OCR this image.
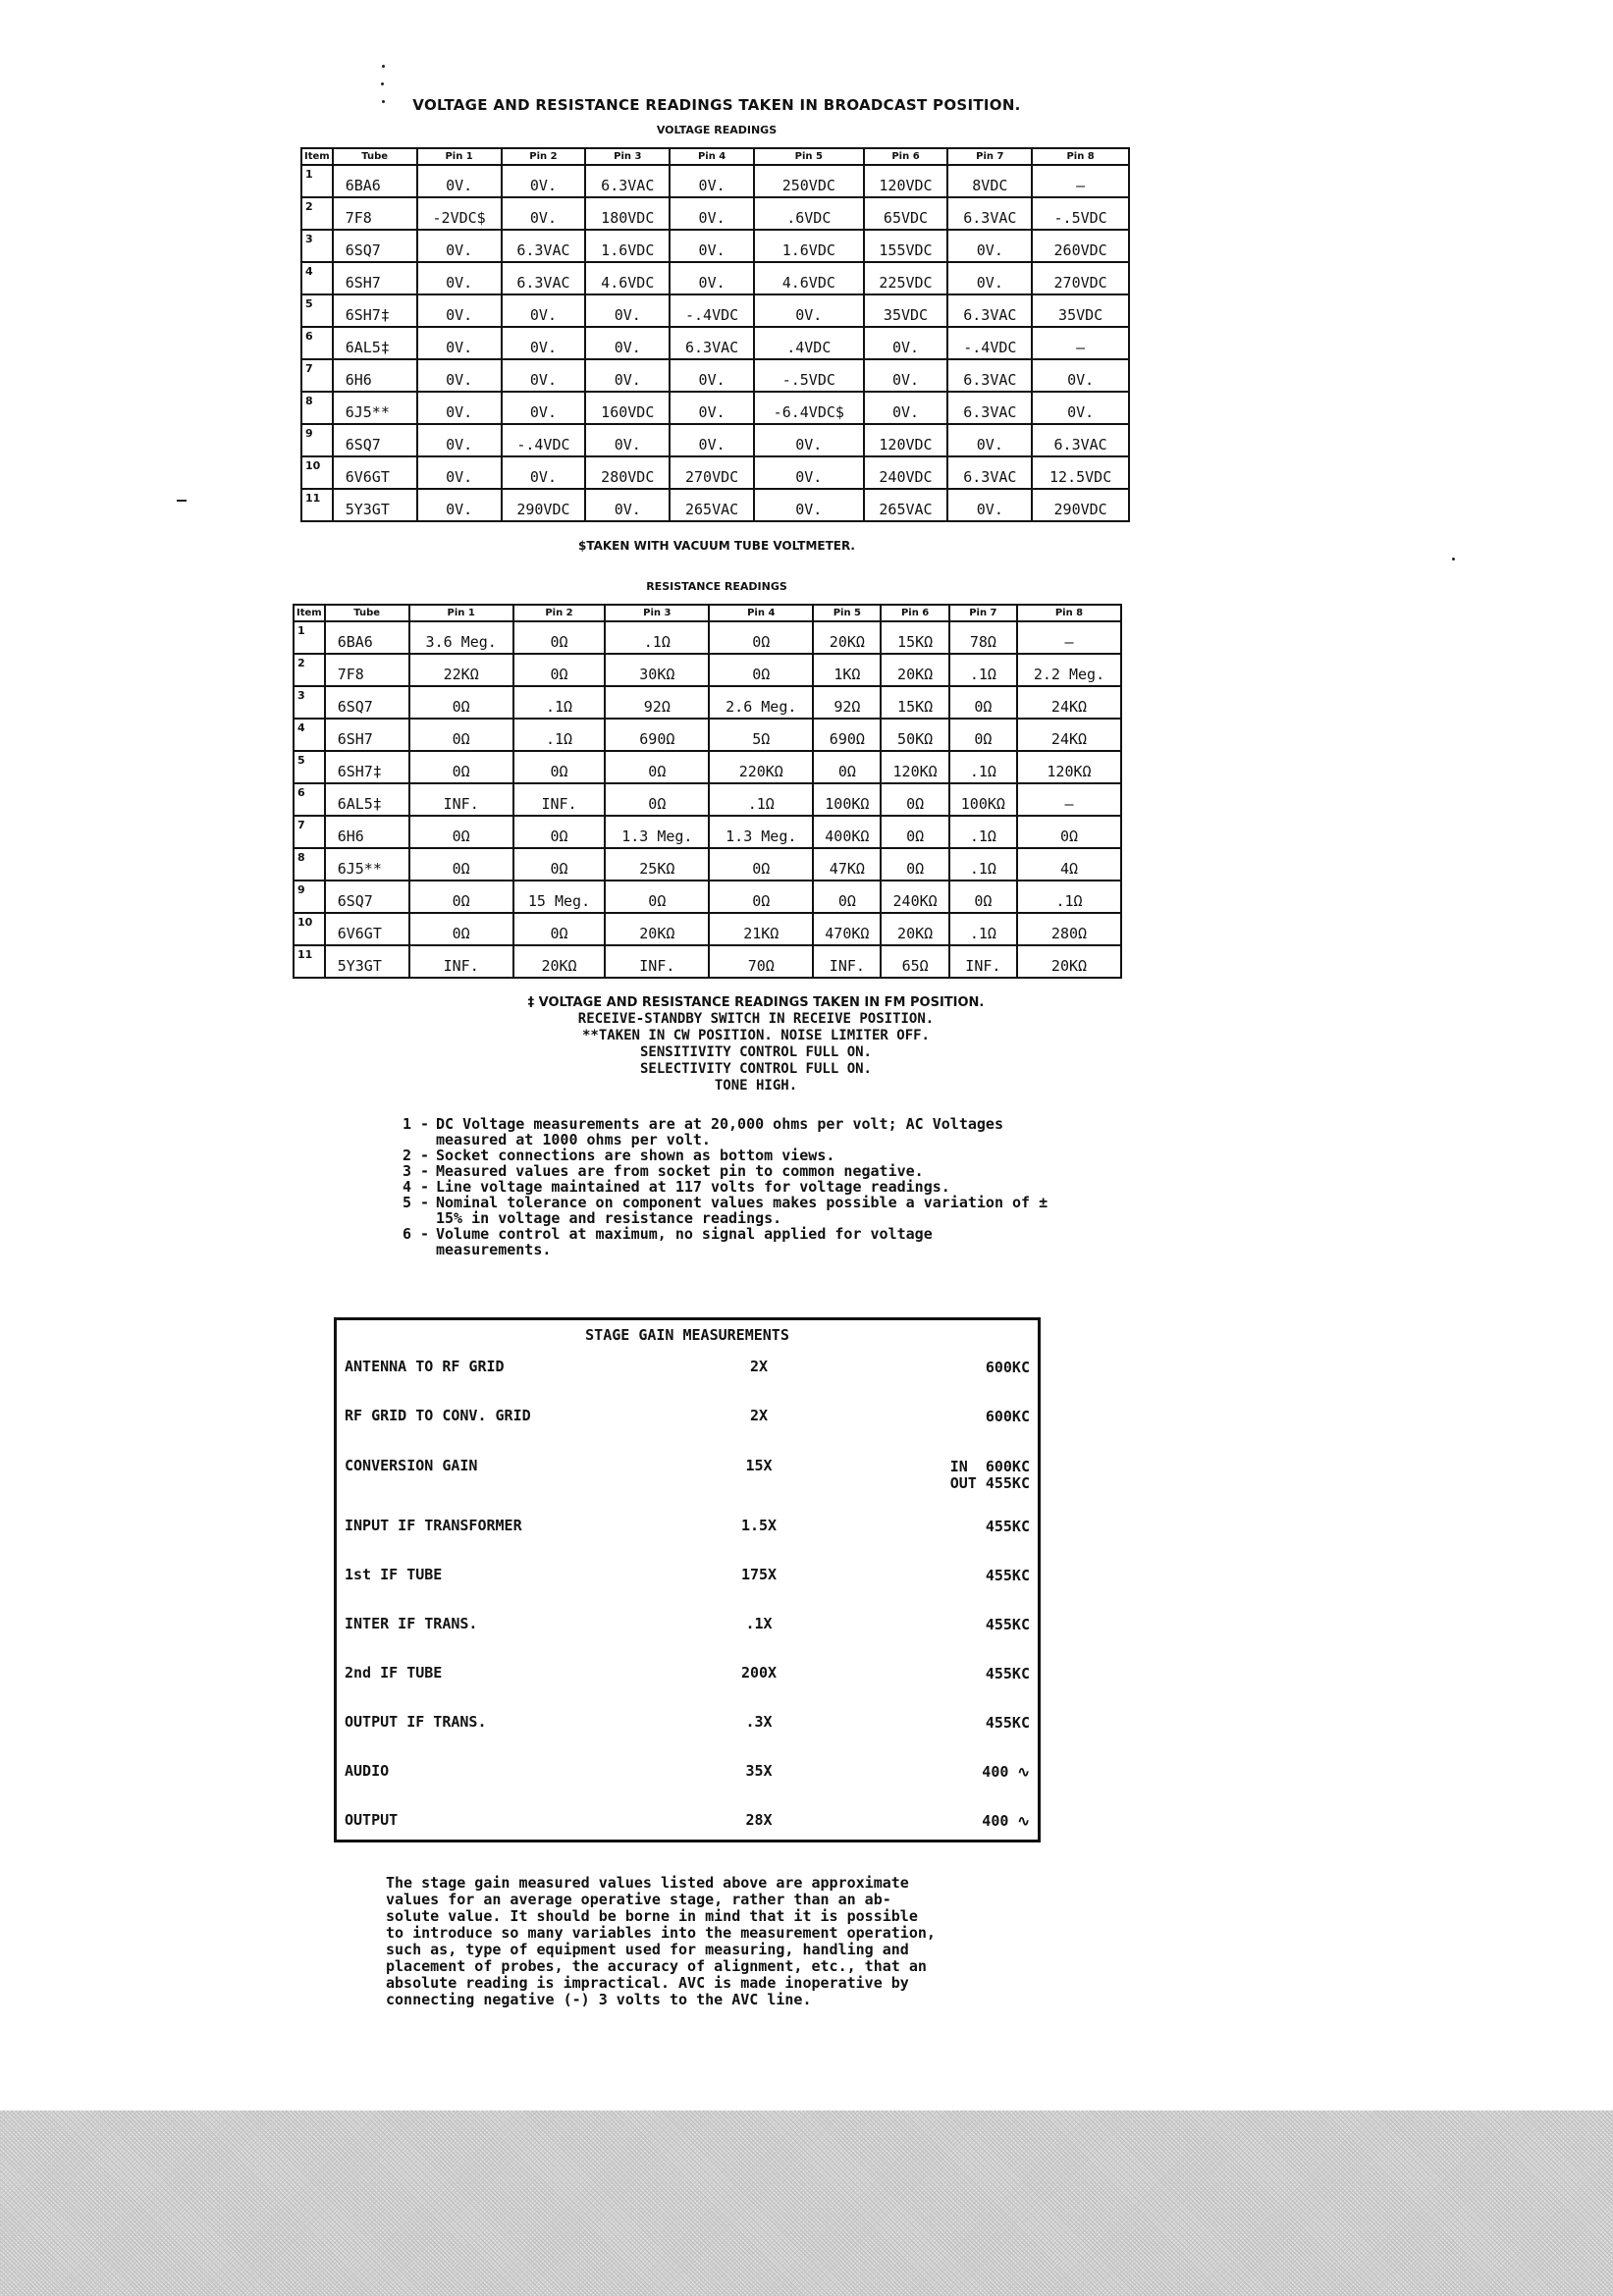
VOLTAGE AND RESISTANCE READINGS TAKEN IN BROADCAST POSITION.
VOLTAGE READINGS
Item	Tube	Pin 1	Pin 2	Pin 3	Pin 4	Pin 5	Pin 6	Pin 7	Pin 8
1	6BA6	0V.	0V.	6.3VAC	0V.	250VDC	120VDC	8VDC	–
2	7F8	-2VDC$	0V.	180VDC	0V.	.6VDC	65VDC	6.3VAC	-.5VDC
3	6SQ7	0V.	6.3VAC	1.6VDC	0V.	1.6VDC	155VDC	0V.	260VDC
4	6SH7	0V.	6.3VAC	4.6VDC	0V.	4.6VDC	225VDC	0V.	270VDC
5	6SH7‡	0V.	0V.	0V.	-.4VDC	0V.	35VDC	6.3VAC	35VDC
6	6AL5‡	0V.	0V.	0V.	6.3VAC	.4VDC	0V.	-.4VDC	–
7	6H6	0V.	0V.	0V.	0V.	-.5VDC	0V.	6.3VAC	0V.
8	6J5**	0V.	0V.	160VDC	0V.	-6.4VDC$	0V.	6.3VAC	0V.
9	6SQ7	0V.	-.4VDC	0V.	0V.	0V.	120VDC	0V.	6.3VAC
10	6V6GT	0V.	0V.	280VDC	270VDC	0V.	240VDC	6.3VAC	12.5VDC
11	5Y3GT	0V.	290VDC	0V.	265VAC	0V.	265VAC	0V.	290VDC
$TAKEN WITH VACUUM TUBE VOLTMETER.
RESISTANCE READINGS
Item	Tube	Pin 1	Pin 2	Pin 3	Pin 4	Pin 5	Pin 6	Pin 7	Pin 8
1	6BA6	3.6 Meg.	0Ω	.1Ω	0Ω	20KΩ	15KΩ	78Ω	–
2	7F8	22KΩ	0Ω	30KΩ	0Ω	1KΩ	20KΩ	.1Ω	2.2 Meg.
3	6SQ7	0Ω	.1Ω	92Ω	2.6 Meg.	92Ω	15KΩ	0Ω	24KΩ
4	6SH7	0Ω	.1Ω	690Ω	5Ω	690Ω	50KΩ	0Ω	24KΩ
5	6SH7‡	0Ω	0Ω	0Ω	220KΩ	0Ω	120KΩ	.1Ω	120KΩ
6	6AL5‡	INF.	INF.	0Ω	.1Ω	100KΩ	0Ω	100KΩ	–
7	6H6	0Ω	0Ω	1.3 Meg.	1.3 Meg.	400KΩ	0Ω	.1Ω	0Ω
8	6J5**	0Ω	0Ω	25KΩ	0Ω	47KΩ	0Ω	.1Ω	4Ω
9	6SQ7	0Ω	15 Meg.	0Ω	0Ω	0Ω	240KΩ	0Ω	.1Ω
10	6V6GT	0Ω	0Ω	20KΩ	21KΩ	470KΩ	20KΩ	.1Ω	280Ω
11	5Y3GT	INF.	20KΩ	INF.	70Ω	INF.	65Ω	INF.	20KΩ
‡ VOLTAGE AND RESISTANCE READINGS TAKEN IN FM POSITION.
RECEIVE-STANDBY SWITCH IN RECEIVE POSITION.
**TAKEN IN CW POSITION. NOISE LIMITER OFF.
SENSITIVITY CONTROL FULL ON.
SELECTIVITY CONTROL FULL ON.
TONE HIGH.
1 - DC Voltage measurements are at 20,000 ohms per volt; AC Voltages measured at 1000 ohms per volt.
2 - Socket connections are shown as bottom views.
3 - Measured values are from socket pin to common negative.
4 - Line voltage maintained at 117 volts for voltage readings.
5 - Nominal tolerance on component values makes possible a variation of ± 15% in voltage and resistance readings.
6 - Volume control at maximum, no signal applied for voltage measurements.
STAGE GAIN MEASUREMENTS
ANTENNA TO RF GRID	2X	600KC
RF GRID TO CONV. GRID	2X	600KC
CONVERSION GAIN	15X	IN  600KC
OUT 455KC
INPUT IF TRANSFORMER	1.5X	455KC
1st IF TUBE	175X	455KC
INTER IF TRANS.	.1X	455KC
2nd IF TUBE	200X	455KC
OUTPUT IF TRANS.	.3X	455KC
AUDIO	35X	400 ∿
OUTPUT	28X	400 ∿
The stage gain measured values listed above are approximate
values for an average operative stage, rather than an ab-
solute value. It should be borne in mind that it is possible
to introduce so many variables into the measurement operation,
such as, type of equipment used for measuring, handling and
placement of probes, the accuracy of alignment, etc., that an
absolute reading is impractical. AVC is made inoperative by
connecting negative (-) 3 volts to the AVC line.
